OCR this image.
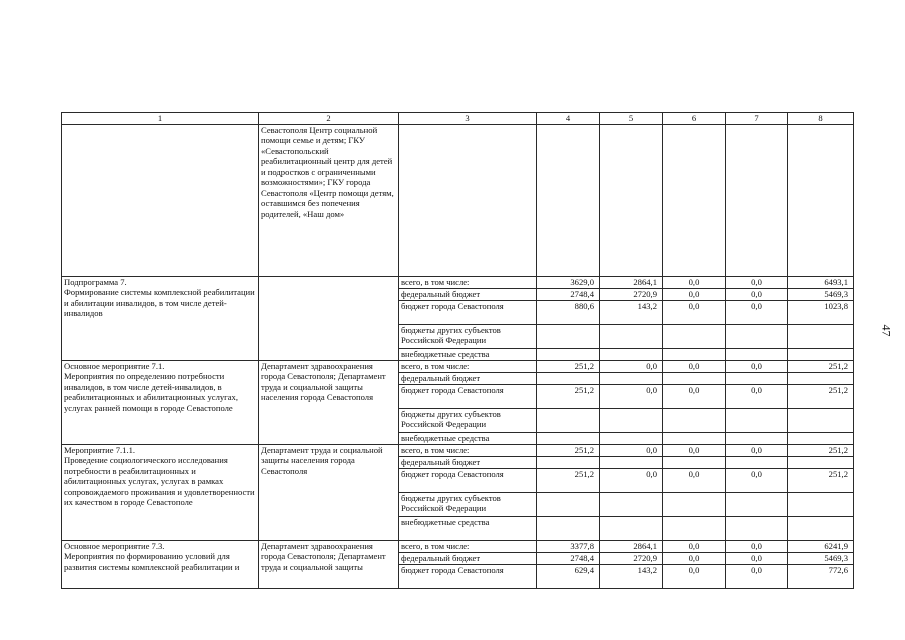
47
1	2	3	4	5	6	7	8
	Севастополя Центр социальной помощи семье и детям; ГКУ «Севастопольский реабилитационный центр для детей и подростков с ограниченными возможностями»; ГКУ города Севастополя «Центр помощи детям, оставшимся без попечения родителей, «Наш дом»						
Подпрограмма 7.
Формирование системы комплексной реабилитации и абилитации инвалидов, в том числе детей-инвалидов		всего, в том числе:	3629,0	2864,1	0,0	0,0	6493,1
		федеральный бюджет	2748,4	2720,9	0,0	0,0	5469,3
		бюджет города Севастополя	880,6	143,2	0,0	0,0	1023,8
		бюджеты других субъектов Российской Федерации					
		внебюджетные средства					
Основное мероприятие 7.1.
Мероприятия по определению потребности инвалидов, в том числе детей-инвалидов, в реабилитационных и абилитационных услугах, услугах ранней помощи в городе Севастополе	Департамент здравоохранения города Севастополя; Департамент труда и социальной защиты населения города Севастополя	всего, в том числе:	251,2	0,0	0,0	0,0	251,2
		федеральный бюджет					
		бюджет города Севастополя	251,2	0,0	0,0	0,0	251,2
		бюджеты других субъектов Российской Федерации					
		внебюджетные средства					
Мероприятие 7.1.1.
Проведение социологического исследования потребности в реабилитационных и абилитационных услугах, услугах в рамках сопровождаемого проживания и удовлетворенности их качеством в городе Севастополе	Департамент труда и социальной защиты населения города Севастополя	всего, в том числе:	251,2	0,0	0,0	0,0	251,2
		федеральный бюджет					
		бюджет города Севастополя	251,2	0,0	0,0	0,0	251,2
		бюджеты других субъектов Российской Федерации					
		внебюджетные средства					
Основное мероприятие 7.3.
Мероприятия по формированию условий для развития системы комплексной реабилитации и	Департамент здравоохранения города Севастополя; Департамент труда и социальной защиты	всего, в том числе:	3377,8	2864,1	0,0	0,0	6241,9
		федеральный бюджет	2748,4	2720,9	0,0	0,0	5469,3
		бюджет города Севастополя	629,4	143,2	0,0	0,0	772,6
